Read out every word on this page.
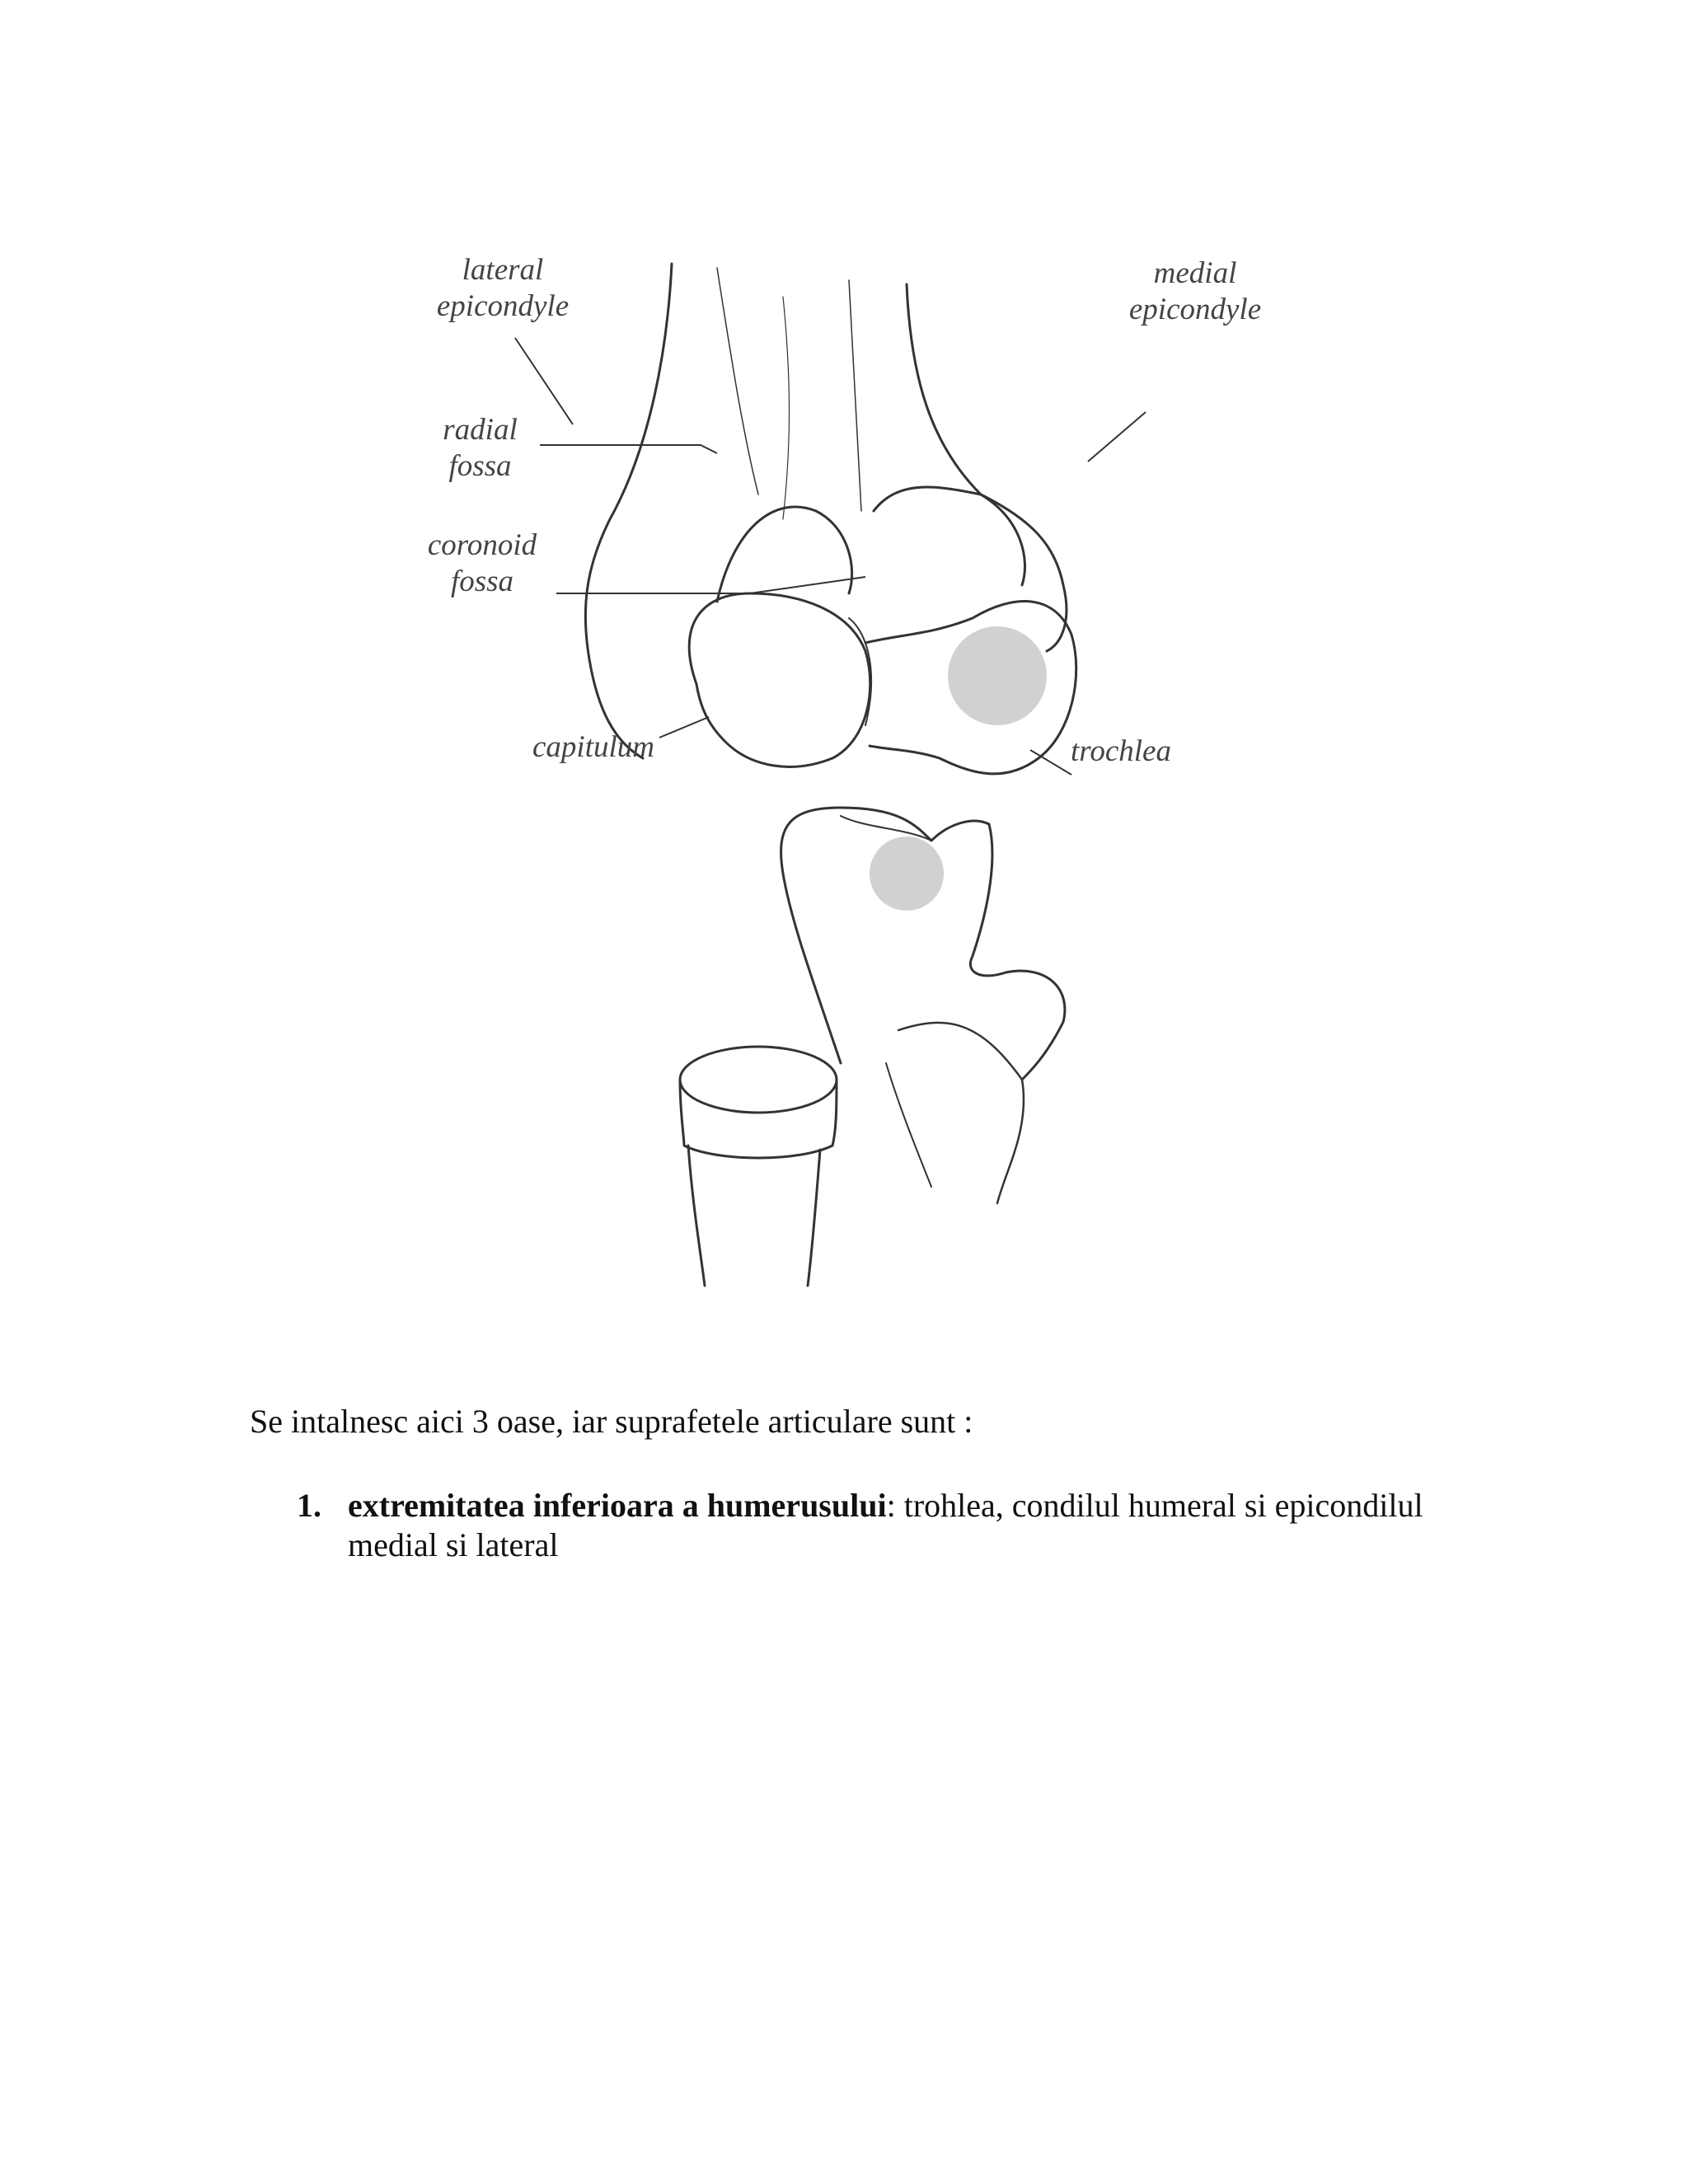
lateral
epicondyle
radial
fossa
coronoid
fossa
capitulum
medial
epicondyle
trochlea
Se intalnesc aici 3 oase, iar suprafetele articulare sunt :
1. extremitatea inferioara a humerusului: trohlea, condilul humeral si epicondilul medial si lateral
